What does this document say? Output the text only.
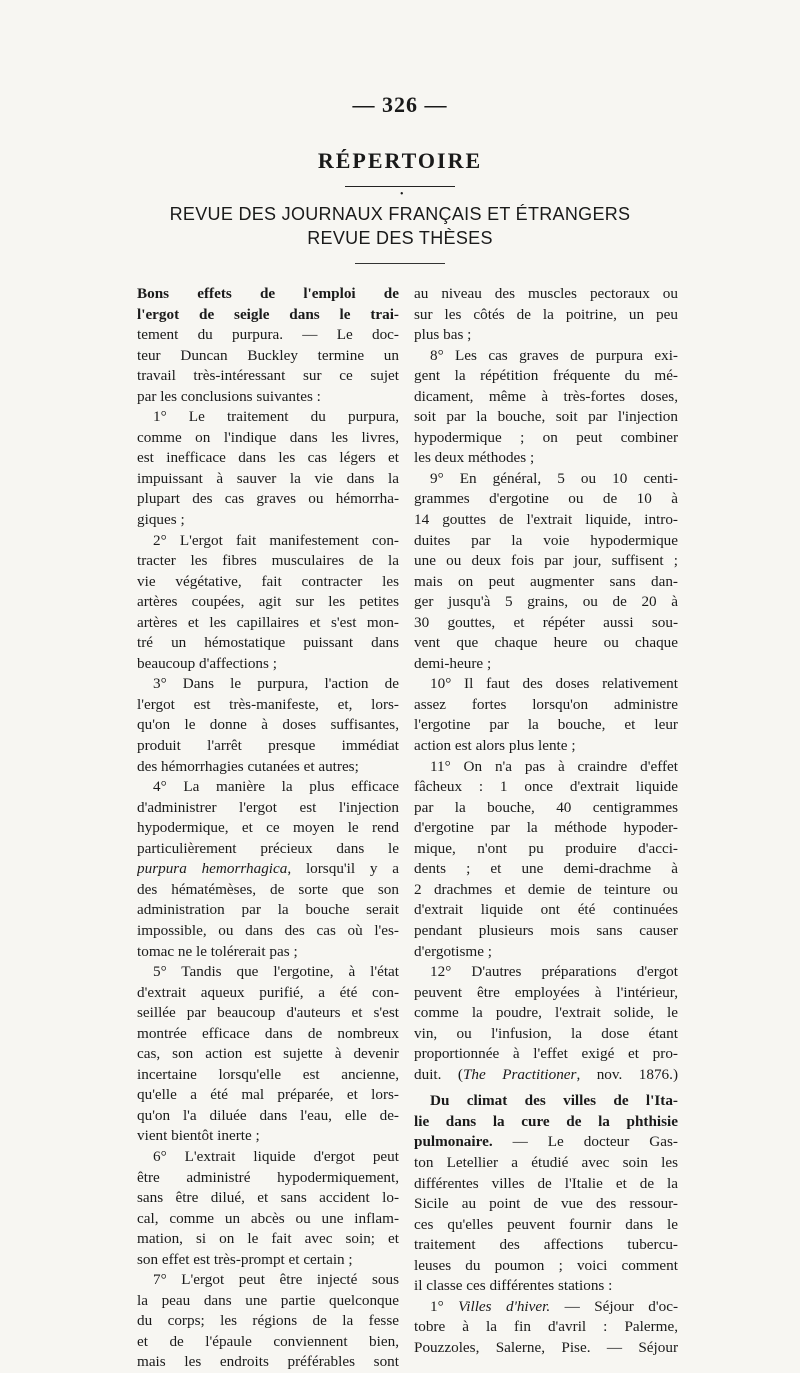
— 326 —
RÉPERTOIRE
•
REVUE DES JOURNAUX FRANÇAIS ET ÉTRANGERS
REVUE DES THÈSES
Bons effets de l'emploi de
l'ergot de seigle dans le trai-
tement du purpura. — Le doc-
teur Duncan Buckley termine un
travail très-intéressant sur ce sujet
par les conclusions suivantes :
1° Le traitement du purpura,
comme on l'indique dans les livres,
est inefficace dans les cas légers et
impuissant à sauver la vie dans la
plupart des cas graves ou hémorrha-
giques ;
2° L'ergot fait manifestement con-
tracter les fibres musculaires de la
vie végétative, fait contracter les
artères coupées, agit sur les petites
artères et les capillaires et s'est mon-
tré un hémostatique puissant dans
beaucoup d'affections ;
3° Dans le purpura, l'action de
l'ergot est très-manifeste, et, lors-
qu'on le donne à doses suffisantes,
produit l'arrêt presque immédiat
des hémorrhagies cutanées et autres;
4° La manière la plus efficace
d'administrer l'ergot est l'injection
hypodermique, et ce moyen le rend
particulièrement précieux dans le
purpura hemorrhagica, lorsqu'il y a
des hématémèses, de sorte que son
administration par la bouche serait
impossible, ou dans des cas où l'es-
tomac ne le tolérerait pas ;
5° Tandis que l'ergotine, à l'état
d'extrait aqueux purifié, a été con-
seillée par beaucoup d'auteurs et s'est
montrée efficace dans de nombreux
cas, son action est sujette à devenir
incertaine lorsqu'elle est ancienne,
qu'elle a été mal préparée, et lors-
qu'on l'a diluée dans l'eau, elle de-
vient bientôt inerte ;
6° L'extrait liquide d'ergot peut
être administré hypodermiquement,
sans être dilué, et sans accident lo-
cal, comme un abcès ou une inflam-
mation, si on le fait avec soin; et
son effet est très-prompt et certain ;
7° L'ergot peut être injecté sous
la peau dans une partie quelconque
du corps; les régions de la fesse
et de l'épaule conviennent bien,
mais les endroits préférables sont
au niveau des muscles pectoraux ou
sur les côtés de la poitrine, un peu
plus bas ;
8° Les cas graves de purpura exi-
gent la répétition fréquente du mé-
dicament, même à très-fortes doses,
soit par la bouche, soit par l'injection
hypodermique ; on peut combiner
les deux méthodes ;
9° En général, 5 ou 10 centi-
grammes d'ergotine ou de 10 à
14 gouttes de l'extrait liquide, intro-
duites par la voie hypodermique
une ou deux fois par jour, suffisent ;
mais on peut augmenter sans dan-
ger jusqu'à 5 grains, ou de 20 à
30 gouttes, et répéter aussi sou-
vent que chaque heure ou chaque
demi-heure ;
10° Il faut des doses relativement
assez fortes lorsqu'on administre
l'ergotine par la bouche, et leur
action est alors plus lente ;
11° On n'a pas à craindre d'effet
fâcheux : 1 once d'extrait liquide
par la bouche, 40 centigrammes
d'ergotine par la méthode hypoder-
mique, n'ont pu produire d'acci-
dents ; et une demi-drachme à
2 drachmes et demie de teinture ou
d'extrait liquide ont été continuées
pendant plusieurs mois sans causer
d'ergotisme ;
12° D'autres préparations d'ergot
peuvent être employées à l'intérieur,
comme la poudre, l'extrait solide, le
vin, ou l'infusion, la dose étant
proportionnée à l'effet exigé et pro-
duit. (The Practitioner, nov. 1876.)
Du climat des villes de l'Ita-
lie dans la cure de la phthisie
pulmonaire. — Le docteur Gas-
ton Letellier a étudié avec soin les
différentes villes de l'Italie et de la
Sicile au point de vue des ressour-
ces qu'elles peuvent fournir dans le
traitement des affections tubercu-
leuses du poumon ; voici comment
il classe ces différentes stations :
1° Villes d'hiver. — Séjour d'oc-
tobre à la fin d'avril : Palerme,
Pouzzoles, Salerne, Pise. — Séjour
